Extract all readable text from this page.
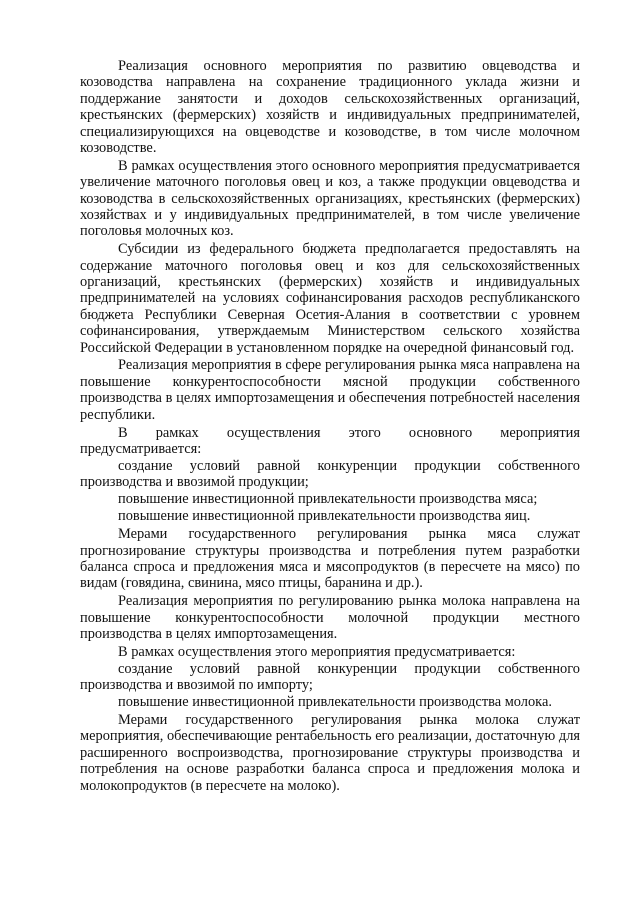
Реализация основного мероприятия по развитию овцеводства и козоводства направлена на сохранение традиционного уклада жизни и поддержание занятости и доходов сельскохозяйственных организаций, крестьянских (фермерских) хозяйств и индивидуальных предпринимателей, специализирующихся на овцеводстве и козоводстве, в том числе молочном козоводстве.

В рамках осуществления этого основного мероприятия предусматривается увеличение маточного поголовья овец и коз, а также продукции овцеводства и козоводства в сельскохозяйственных организациях, крестьянских (фермерских) хозяйствах и у индивидуальных предпринимателей, в том числе увеличение поголовья молочных коз.

Субсидии из федерального бюджета предполагается предоставлять на содержание маточного поголовья овец и коз для сельскохозяйственных организаций, крестьянских (фермерских) хозяйств и индивидуальных предпринимателей на условиях софинансирования расходов республиканского бюджета Республики Северная Осетия-Алания в соответствии с уровнем софинансирования, утверждаемым Министерством сельского хозяйства Российской Федерации в установленном порядке на очередной финансовый год.

Реализация мероприятия в сфере регулирования рынка мяса направлена на повышение конкурентоспособности мясной продукции собственного производства в целях импортозамещения и обеспечения потребностей населения республики.

В рамках осуществления этого основного мероприятия предусматривается:

создание условий равной конкуренции продукции собственного производства и ввозимой продукции;

повышение инвестиционной привлекательности производства мяса;

повышение инвестиционной привлекательности производства яиц.

Мерами государственного регулирования рынка мяса служат прогнозирование структуры производства и потребления путем разработки баланса спроса и предложения мяса и мясопродуктов (в пересчете на мясо) по видам (говядина, свинина, мясо птицы, баранина и др.).

Реализация мероприятия по регулированию рынка молока направлена на повышение конкурентоспособности молочной продукции местного производства в целях импортозамещения.

В рамках осуществления этого мероприятия предусматривается:

создание условий равной конкуренции продукции собственного производства и ввозимой по импорту;

повышение инвестиционной привлекательности производства молока.

Мерами государственного регулирования рынка молока служат мероприятия, обеспечивающие рентабельность его реализации, достаточную для расширенного воспроизводства, прогнозирование структуры производства и потребления на основе разработки баланса спроса и предложения молока и молокопродуктов (в пересчете на молоко).
